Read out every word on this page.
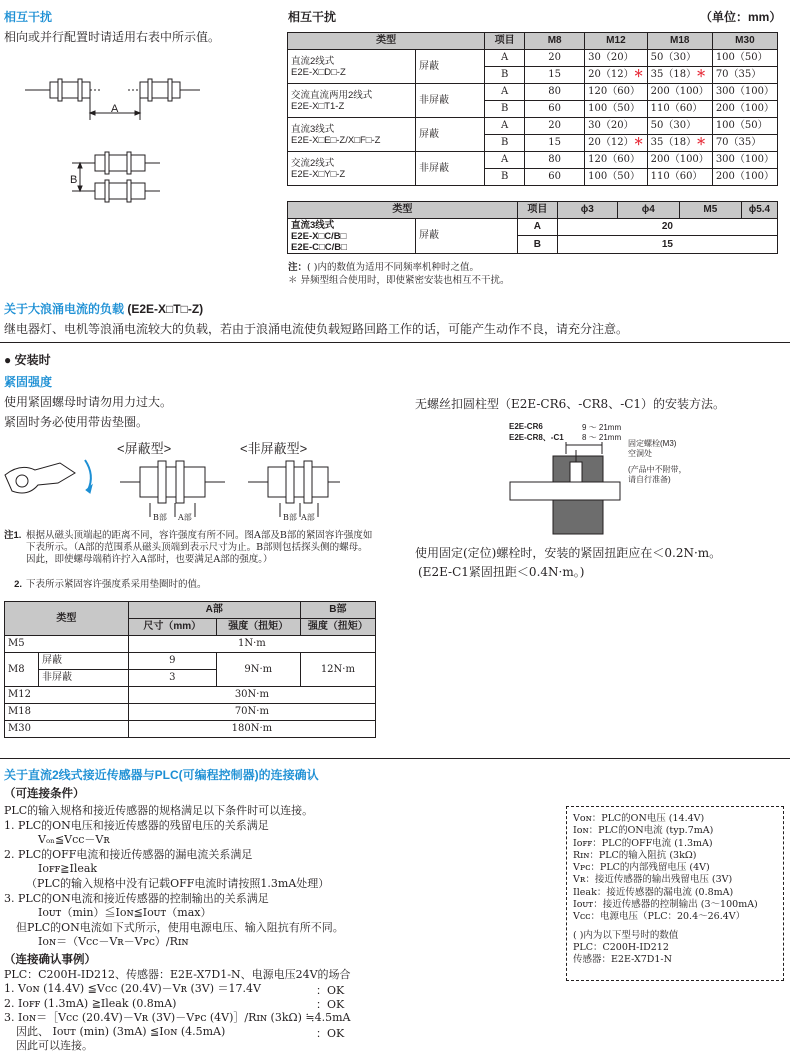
相互干扰
相向或并行配置时请适用右表中所示值。
A
B
相互干扰	（单位：mm）
类型		项目	M8	M12	M18	M30
直流2线式
E2E-X□D□-Z	屏蔽	A	20	30（20）	50（30）	100（50）
		B	15	20（12）＊	35（18）＊	70（35）
交流直流两用2线式
E2E-X□T1-Z	非屏蔽	A	80	120（60）	200（100）	300（100）
		B	60	100（50）	110（60）	200（100）
直流3线式
E2E-X□E□-Z/X□F□-Z	屏蔽	A	20	30（20）	50（30）	100（50）
		B	15	20（12）＊	35（18）＊	70（35）
交流2线式
E2E-X□Y□-Z	非屏蔽	A	80	120（60）	200（100）	300（100）
		B	60	100（50）	110（60）	200（100）
类型		项目	ϕ3	ϕ4	M5	ϕ5.4
直流3线式
E2E-X□C/B□
E2E-C□C/B□	屏蔽	A	20			
		B	15			
注：( )内的数值为适用不同频率机种时之值。
＊ 异频型组合使用时，即使紧密安装也相互不干扰。
关于大浪涌电流的负载 (E2E-X□T□-Z)
继电器灯、电机等浪涌电流较大的负载，若由于浪涌电流使负载短路回路工作的话，可能产生动作不良，请充分注意。
● 安装时
紧固强度
使用紧固螺母时请勿用力过大。
紧固时务必使用带齿垫圈。
<屏蔽型>	<非屏蔽型>
B部 A部	B部 A部
注1. 根据从磁头顶端起的距离不同，容许强度有所不同。图A部及B部的紧固容许强度如下表所示。（A部的范围系从磁头顶端到表示尺寸为止。B部则包括探头侧的螺母。因此，即使螺母端稍许拧入A部时，也要满足A部的强度。）
2. 下表所示紧固容许强度系采用垫圈时的值。
类型		A部		B部
		尺寸（mm）	强度（扭矩）	强度（扭矩）
M5		1N·m		
M8	屏蔽	9	9N·m	12N·m
	非屏蔽	3		
M12		30N·m		
M18		70N·m		
M30		180N·m		
无螺丝扣圆柱型（E2E-CR6、-CR8、-C1）的安装方法。
E2E-CR6	9 ～ 21mm
E2E-CR8、-C1 8 ～ 21mm
固定螺栓(M3)
空洞处
(产品中不附带，
请自行准备)
使用固定(定位)螺栓时，安装的紧固扭距应在＜0.2N·m。
(E2E-C1紧固扭距＜0.4N·m。)
关于直流2线式接近传感器与PLC(可编程控制器)的连接确认
（可连接条件）
PLC的输入规格和接近传感器的规格满足以下条件时可以连接。
1. PLC的ON电压和接近传感器的残留电压的关系满足
Vₒₙ≦Vcc－Vʀ
2. PLC的OFF电流和接近传感器的漏电流关系满足
Iᴏꜰꜰ≧Ileak
（PLC的输入规格中没有记载OFF电流时请按照1.3mA处理）
3. PLC的ON电流和接近传感器的控制输出的关系满足
Iᴏᴜᴛ（min）≦Iᴏɴ≦Iᴏᴜᴛ（max）
但PLC的ON电流如下式所示，使用电源电压、输入阻抗有所不同。
Iᴏɴ＝（Vcc－Vʀ－Vᴘᴄ）/Rɪɴ
（连接确认事例）
PLC：C200H-ID212、传感器：E2E-X7D1-N、电源电压24V的场合
1. Vᴏɴ (14.4V) ≦Vcc (20.4V)－Vʀ (3V) ＝17.4V
2. Iᴏꜰꜰ (1.3mA) ≧Ileak (0.8mA)
3. Iᴏɴ＝［Vcc (20.4V)－Vʀ (3V)－Vᴘᴄ (4V)］/Rɪɴ (3kΩ) ≒4.5mA
因此、 Iᴏᴜᴛ (min) (3mA) ≦Iᴏɴ (4.5mA)
因此可以连接。
：OK
：OK
：OK
Vᴏɴ：PLC的ON电压 (14.4V)
Iᴏɴ：PLC的ON电流 (typ.7mA)
Iᴏꜰꜰ：PLC的OFF电流 (1.3mA)
Rɪɴ：PLC的输入阻抗 (3kΩ)
Vᴘᴄ：PLC的内部残留电压 (4V)
Vʀ：接近传感器的输出残留电压 (3V)
Ileak：接近传感器的漏电流 (0.8mA)
Iᴏᴜᴛ：接近传感器的控制输出 (3～100mA)
Vᴄᴄ：电源电压（PLC：20.4～26.4V）
( )内为以下型号时的数值
PLC：C200H-ID212
传感器：E2E-X7D1-N
